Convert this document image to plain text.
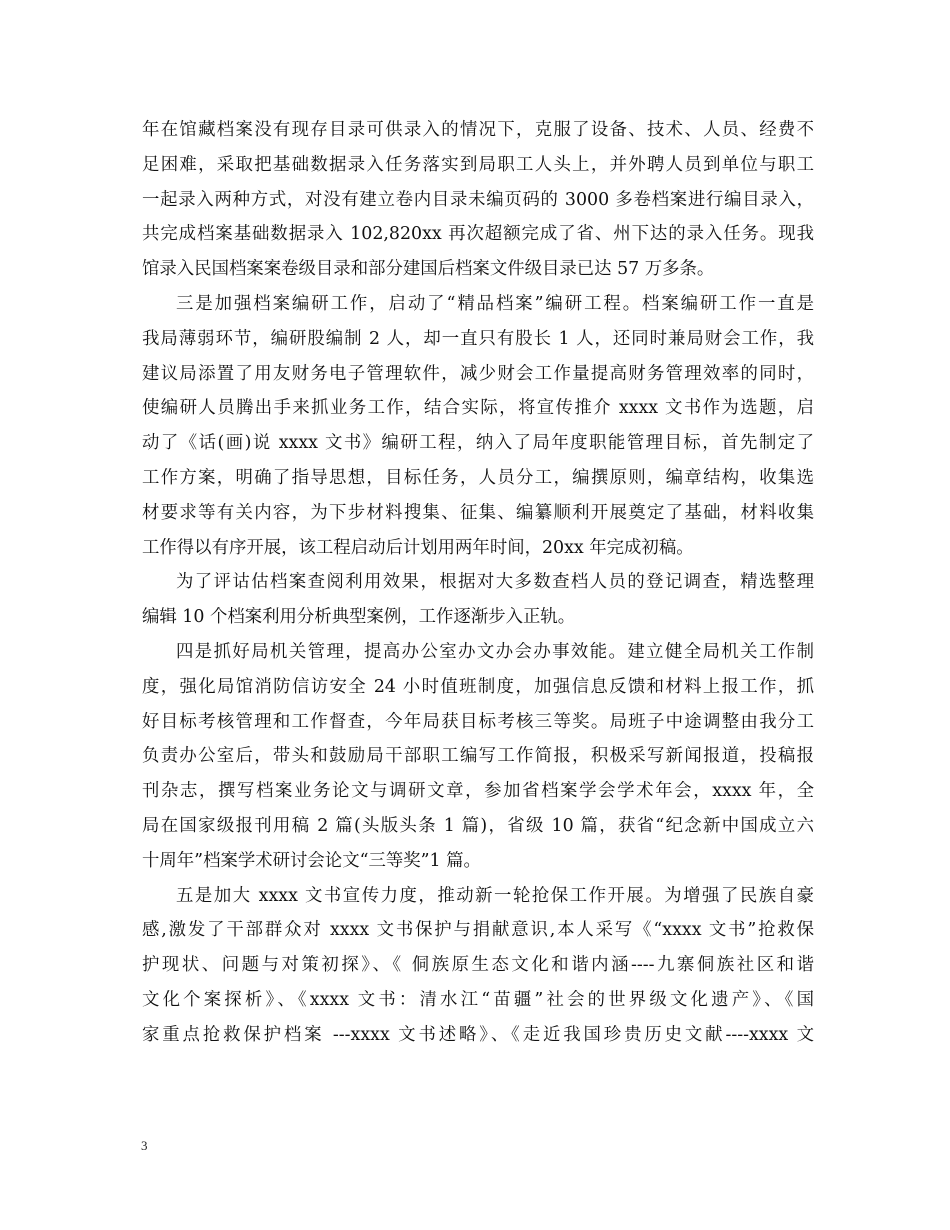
年在馆藏档案没有现存目录可供录入的情况下，克服了设备、技术、人员、经费不
足困难，采取把基础数据录入任务落实到局职工人头上，并外聘人员到单位与职工
一起录入两种方式，对没有建立卷内目录未编页码的 3000 多卷档案进行编目录入，
共完成档案基础数据录入 102,820xx 再次超额完成了省、州下达的录入任务。现我
馆录入民国档案案卷级目录和部分建国后档案文件级目录已达 57 万多条。
三是加强档案编研工作，启动了“精品档案”编研工程。档案编研工作一直是
我局薄弱环节，编研股编制 2 人，却一直只有股长 1 人，还同时兼局财会工作，我
建议局添置了用友财务电子管理软件，减少财会工作量提高财务管理效率的同时，
使编研人员腾出手来抓业务工作，结合实际，将宣传推介 xxxx 文书作为选题，启
动了《话(画)说 xxxx 文书》编研工程，纳入了局年度职能管理目标，首先制定了
工作方案，明确了指导思想，目标任务，人员分工，编撰原则，编章结构，收集选
材要求等有关内容，为下步材料搜集、征集、编纂顺利开展奠定了基础，材料收集
工作得以有序开展，该工程启动后计划用两年时间，20xx 年完成初稿。
为了评诂估档案查阅利用效果，根据对大多数查档人员的登记调查，精选整理
编辑 10 个档案利用分析典型案例，工作逐渐步入正轨。
四是抓好局机关管理，提高办公室办文办会办事效能。建立健全局机关工作制
度，强化局馆消防信访安全 24 小时值班制度，加强信息反馈和材料上报工作，抓
好目标考核管理和工作督查，今年局获目标考核三等奖。局班子中途调整由我分工
负责办公室后，带头和鼓励局干部职工编写工作简报，积极采写新闻报道，投稿报
刊杂志，撰写档案业务论文与调研文章，参加省档案学会学术年会，xxxx 年，全
局在国家级报刊用稿 2 篇(头版头条 1 篇)，省级 10 篇，获省“纪念新中国成立六
十周年”档案学术研讨会论文“三等奖”1 篇。
五是加大 xxxx 文书宣传力度，推动新一轮抢保工作开展。为增强了民族自豪
感,激发了干部群众对 xxxx 文书保护与捐献意识,本人采写《“xxxx 文书”抢救保
护现状、问题与对策初探》、《 侗族原生态文化和谐内涵----九寨侗族社区和谐
文化个案探析》、《xxxx 文书：清水江“苗疆”社会的世界级文化遗产》、《国
家重点抢救保护档案 ---xxxx 文书述略》、《走近我国珍贵历史文献----xxxx 文
3
